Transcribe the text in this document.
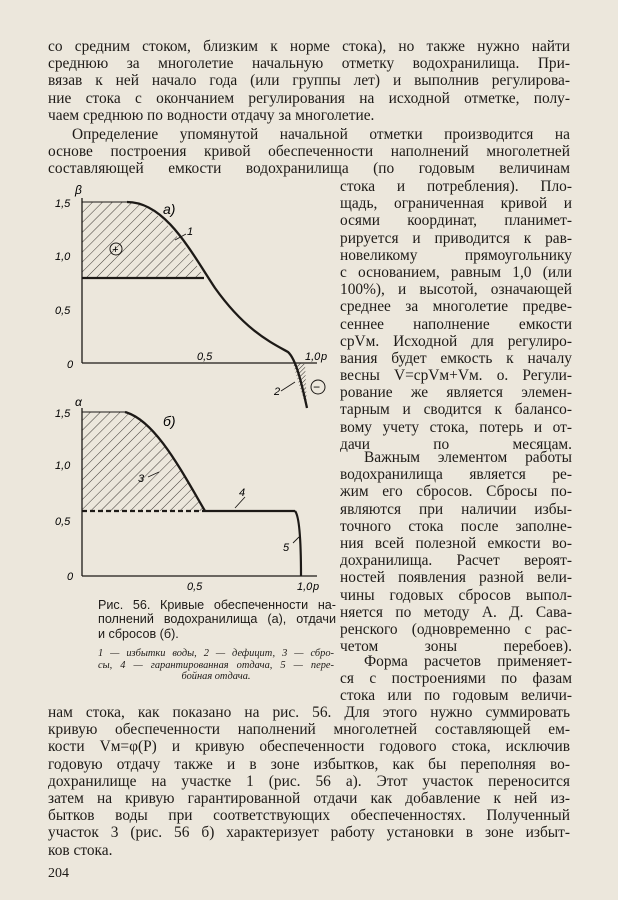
со средним стоком, близким к норме стока), но также нужно найти
среднюю за многолетие начальную отметку водохранилища. При-
вязав к ней начало года (или группы лет) и выполнив регулирова-
ние стока с окончанием регулирования на исходной отметке, полу-
чаем среднюю по водности отдачу за многолетие.
Определение упомянутой начальной отметки производится на
основе построения кривой обеспеченности наполнений многолетней
составляющей емкости водохранилища (по годовым величинам
стока и потребления). Пло-
щадь, ограниченная кривой и
осями координат, планимет-
рируется и приводится к рав-
новеликому прямоугольнику
с основанием, равным 1,0 (или
100%), и высотой, означающей
среднее за многолетие предве-
сеннее наполнение емкости
срVм. Исходной для регулиро-
вания будет емкость к началу
весны V=срVм+Vм. о. Регули-
рование же является элемен-
тарным и сводится к балансо-
вому учету стока, потерь и от-
дачи по месяцам.
Важным элементом работы
водохранилища является ре-
жим его сбросов. Сбросы по-
являются при наличии избы-
точного стока после заполне-
ния всей полезной емкости во-
дохранилища. Расчет вероят-
ностей появления разной вели-
чины годовых сбросов выпол-
няется по методу А. Д. Сава-
ренского (одновременно с рас-
четом зоны перебоев).
Форма расчетов применяет-
ся с построениями по фазам
стока или по годовым величи-
нам стока, как показано на рис. 56. Для этого нужно суммировать
кривую обеспеченности наполнений многолетней составляющей ем-
кости Vм=φ(P) и кривую обеспеченности годового стока, исключив
годовую отдачу также и в зоне избытков, как бы переполняя во-
дохранилище на участке 1 (рис. 56 а). Этот участок переносится
затем на кривую гарантированной отдачи как добавление к ней из-
бытков воды при соответствующих обеспеченностях. Полученный
участок 3 (рис. 56 б) характеризует работу установки в зоне избыт-
ков стока.
β
1,5
1,0
0,5
0
0,5	1,0 p
а)
1
2
+
−
α
1,5
1,0
0,5
0
0,5	1,0 p
б)
3
4
5
Рис. 56. Кривые обеспеченности на-
полнений водохранилища (а), отдачи
и сбросов (б).
1 — избытки воды, 2 — дефицит, 3 — сбро-
сы, 4 — гарантированная отдача, 5 — пере-
бойная отдача.
204
